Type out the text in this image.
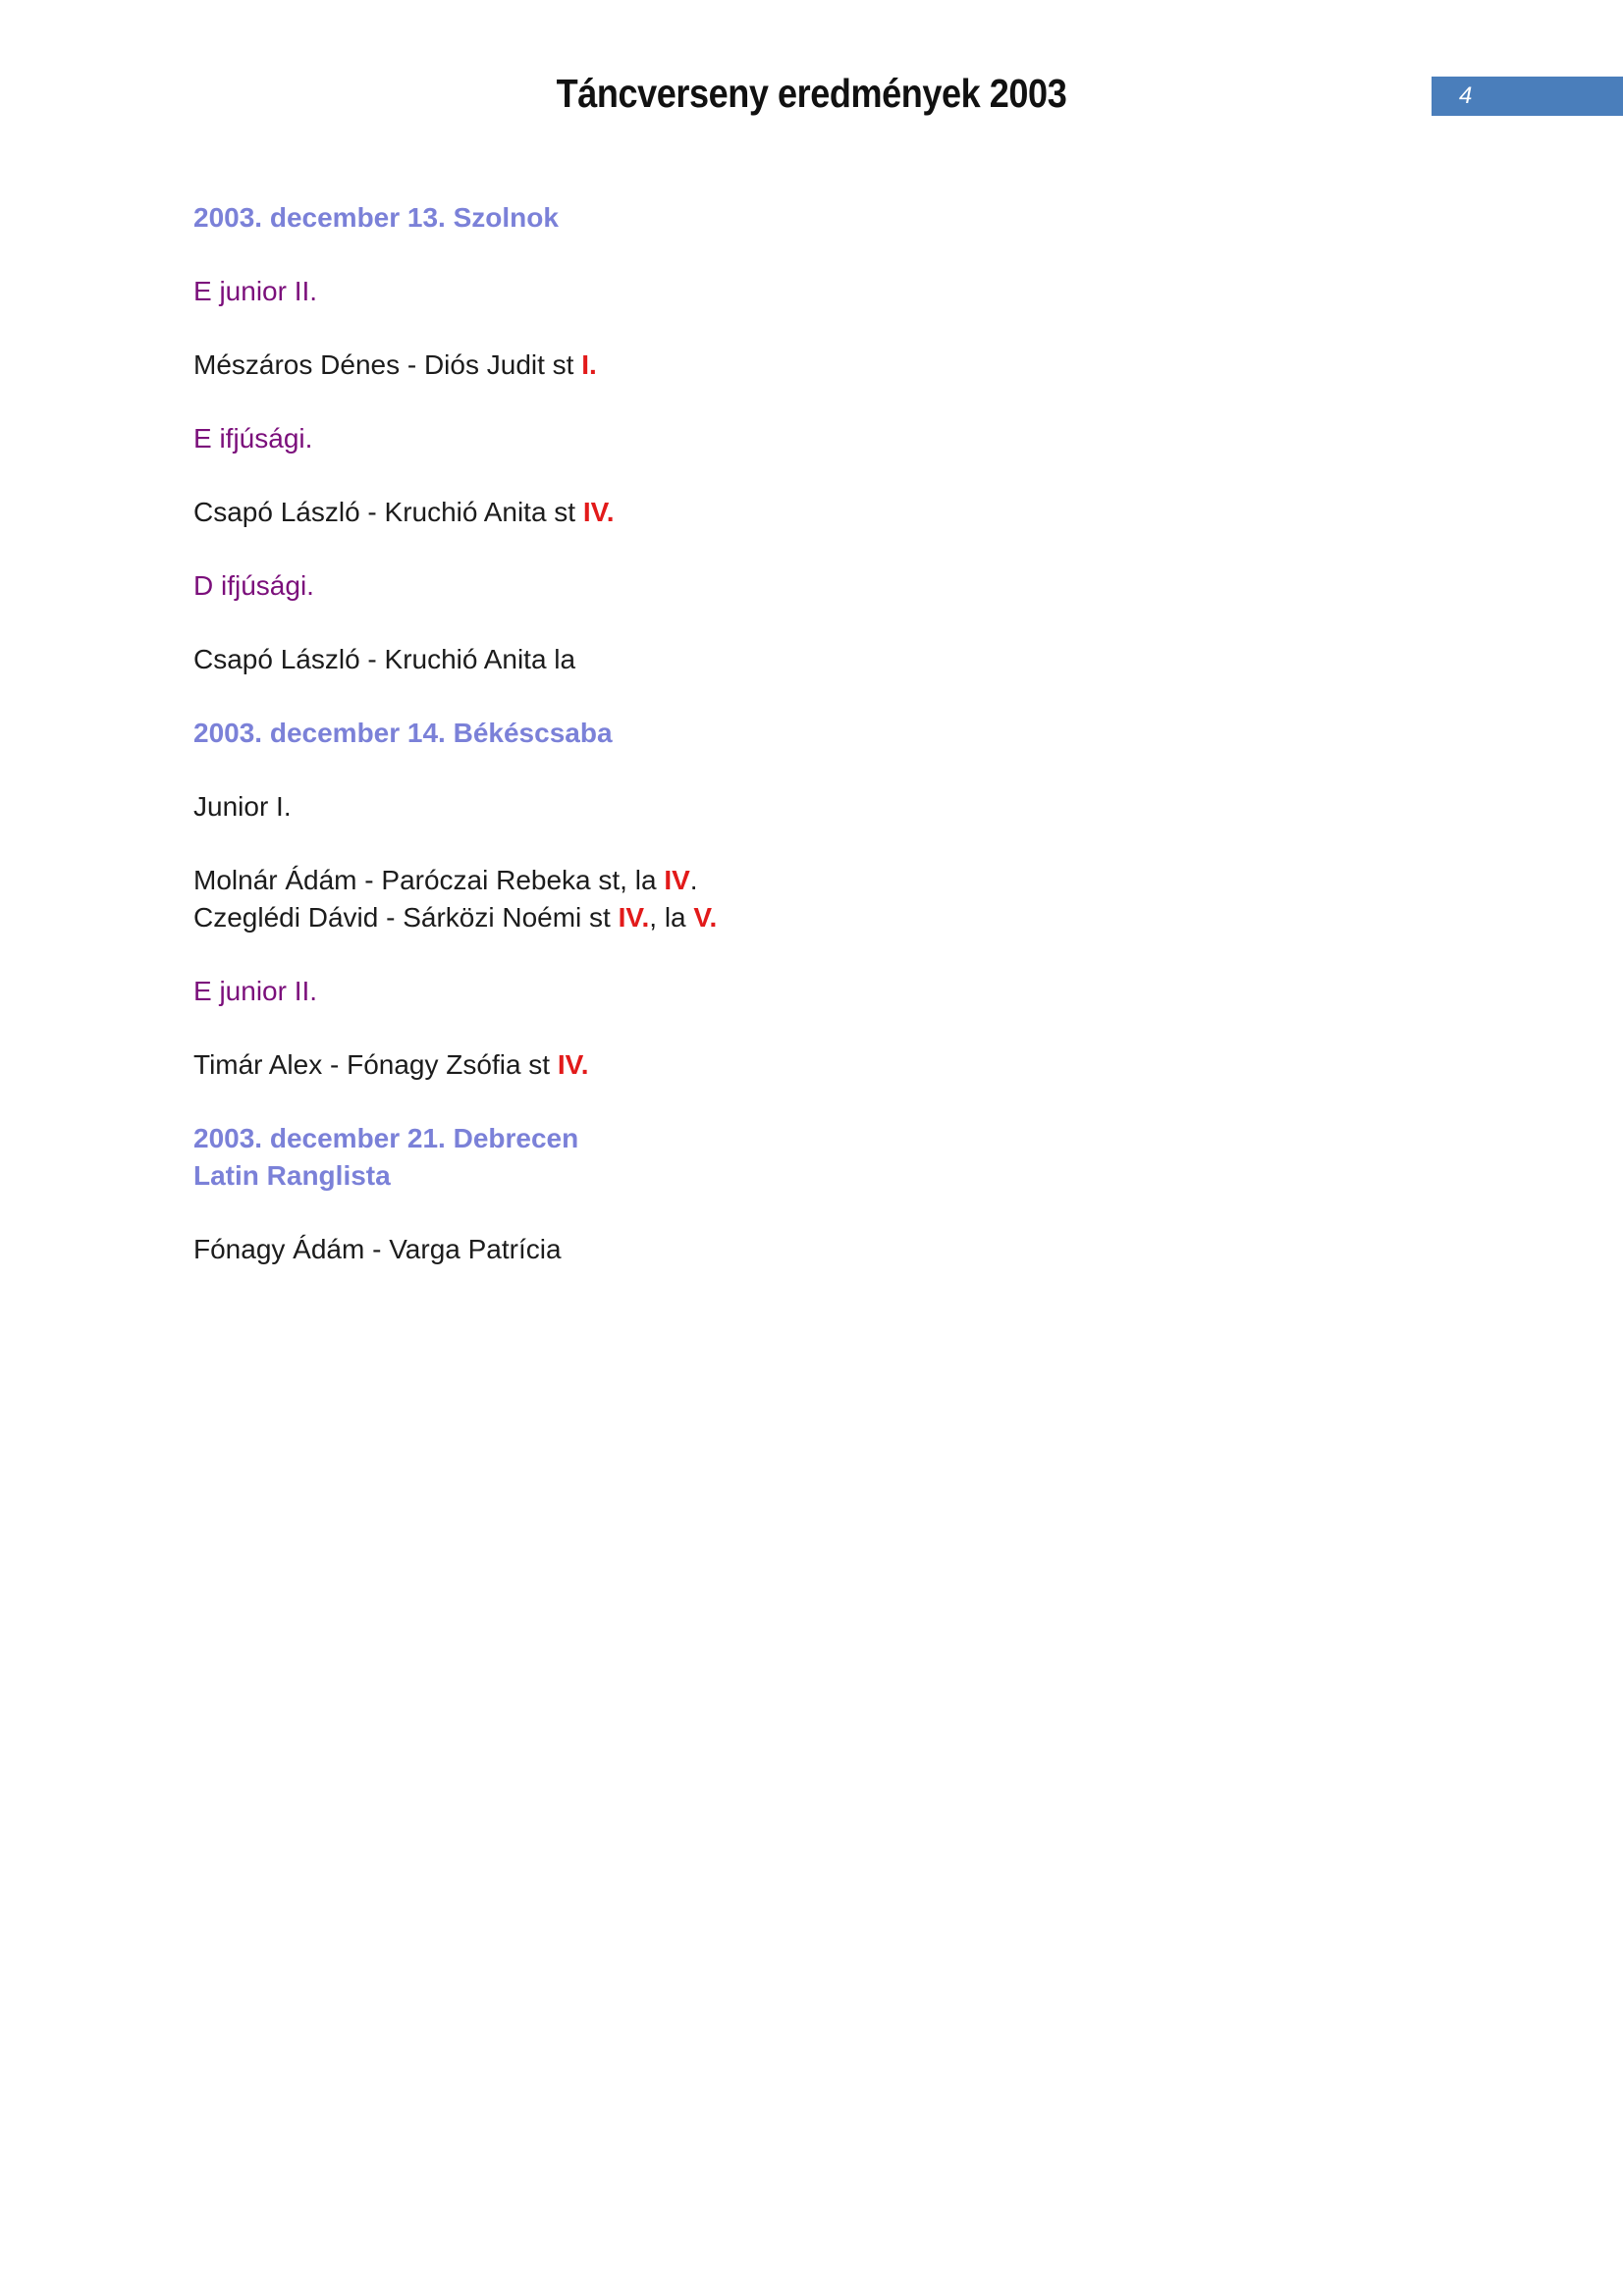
Táncverseny eredmények 2003	4

2003. december 13. Szolnok

E junior II.

Mészáros Dénes - Diós Judit st I.

E ifjúsági.

Csapó László - Kruchió Anita st IV.

D ifjúsági.

Csapó László - Kruchió Anita la

2003. december 14. Békéscsaba

Junior I.

Molnár Ádám - Paróczai Rebeka st, la IV.
Czeglédi Dávid - Sárközi Noémi st IV., la V.

E junior II.

Timár Alex - Fónagy Zsófia st IV.

2003. december 21. Debrecen
Latin Ranglista

Fónagy Ádám - Varga Patrícia
